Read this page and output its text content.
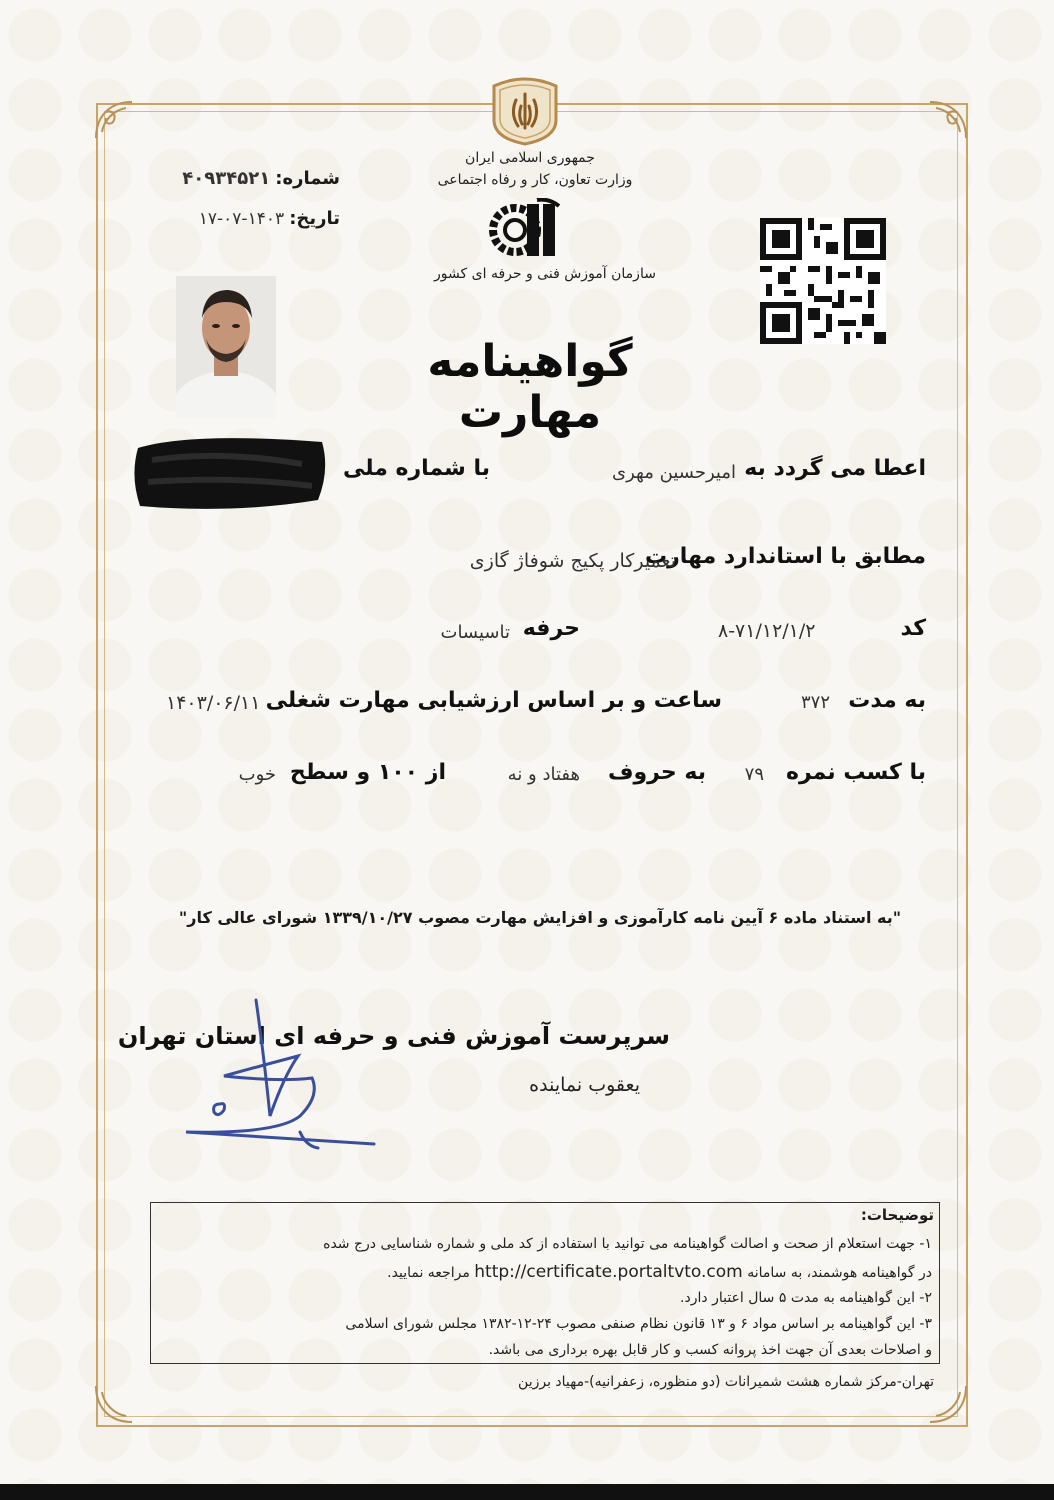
جمهوری اسلامی ایران
وزارت تعاون، کار و رفاه اجتماعی
سازمان آموزش فنی و حرفه ای کشور
شماره: ۴۰۹۳۴۵۲۱
تاریخ: ۱۴۰۳-۰۷-۱۷
گواهینامه مهارت
اعطا می گردد به
امیرحسین مهری
با شماره ملی
مطابق با استاندارد مهارت
تعمیرکار پکیج شوفاژ گازی
کد
۸-۷۱/۱۲/۱/۲
حرفه
تاسیسات
به مدت
۳۷۲
ساعت و بر اساس ارزشیابی مهارت شغلی
۱۴۰۳/۰۶/۱۱
با کسب نمره
۷۹
به حروف
هفتاد و نه
از ۱۰۰ و سطح
خوب
"به استناد ماده ۶ آیین نامه کارآموزی و افزایش مهارت مصوب ۱۳۳۹/۱۰/۲۷ شورای عالی کار"
سرپرست آموزش فنی و حرفه ای استان تهران
یعقوب نماینده
توضیحات:
۱- جهت استعلام از صحت و اصالت گواهینامه می توانید با استفاده از کد ملی و شماره شناسایی درج شده
در گواهینامه هوشمند، به سامانه http://certificate.portaltvto.com مراجعه نمایید.
۲- این گواهینامه به مدت ۵ سال اعتبار دارد.
۳- این گواهینامه بر اساس مواد ۶ و ۱۳ قانون نظام صنفی مصوب ۲۴-۱۲-۱۳۸۲ مجلس شورای اسلامی
و اصلاحات بعدی آن جهت اخذ پروانه کسب و کار قابل بهره برداری می باشد.
تهران-مرکز شماره هشت شمیرانات (دو منظوره، زعفرانیه)-مهیاد برزین
